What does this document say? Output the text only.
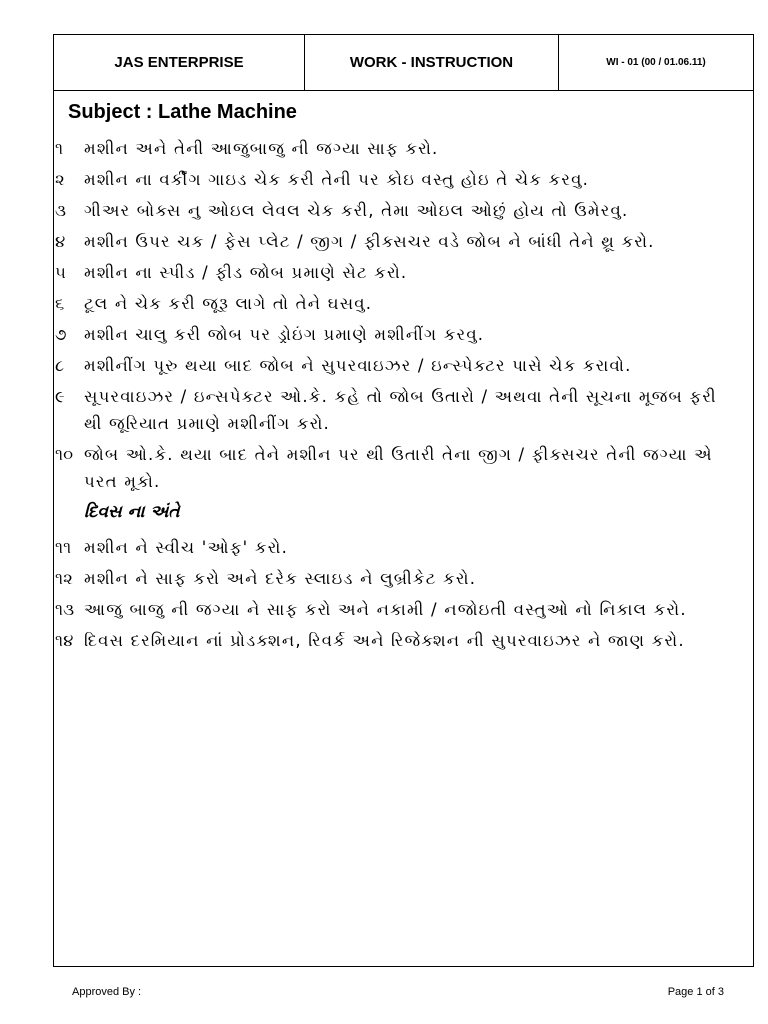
JAS ENTERPRISE	WORK - INSTRUCTION	WI - 01 (00 / 01.06.11)
Subject : Lathe Machine
૧	મશીન અને તેની આજુબાજુ ની જગ્યા સાફ કરો.
૨	મશીન ના વર્કીંગ ગાઇડ ચેક કરી તેની પર કોઇ વસ્તુ હોઇ તે ચેક કરવુ.
૩	ગીઅર બોક્સ નુ ઓઇલ લેવલ ચેક કરી, તેમા ઓઇલ ઓછું હોય તો ઉમેરવુ.
૪	મશીન ઉપર ચક / ફેસ પ્લેટ / જીગ / ફીક્સચર વડે જોબ ને બાંધી તેને થ્રૂ કરો.
૫	મશીન ના સ્પીડ / ફીડ જોબ પ્રમાણે સેટ કરો.
૬	ટૂલ ને ચેક કરી જૂરૂ લાગે તો તેને ઘસવુ.
૭	મશીન ચાલુ કરી જોબ પર ડ્રોઇંગ પ્રમાણે મશીનીંગ કરવુ.
૮	મશીનીંગ પૂરુ થયા બાદ જોબ ને સુપરવાઇઝર / ઇન્સ્પેક્ટર પાસે ચેક કરાવો.
૯	સૂપરવાઇઝર / ઇન્સપેક્ટર ઓ.કે. કહે તો જોબ ઉતારો / અથવા તેની સૂચના મૂજબ ફરી થી જૂરિયાત પ્રમાણે મશીનીંગ કરો.
૧૦ જોબ ઓ.કે. થયા બાદ તેને મશીન પર થી ઉતારી તેના જીગ / ફીક્સચર તેની જગ્યા એ પરત મૂકો.
દિવસ ના અંતે
૧૧ મશીન ને સ્વીચ 'ઓફ' કરો.
૧૨ મશીન ને સાફ કરો અને દરેક સ્લાઇડ ને લુબ્રીકેટ કરો.
૧૩ આજુ બાજુ ની જગ્યા ને સાફ કરો અને નકામી / નજોઇતી વસ્તુઓ નો નિકાલ કરો.
૧૪ દિવસ દરમિયાન નાં પ્રોડક્શન, રિવર્ક અને રિજેક્શન ની સુપરવાઇઝર ને જાણ કરો.
Approved By :	Page 1 of 3
